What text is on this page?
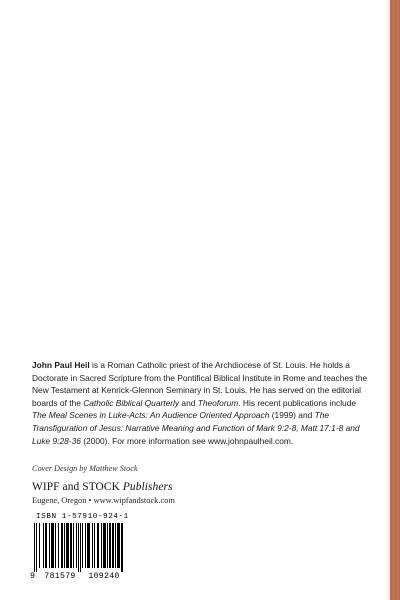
John Paul Heil is a Roman Catholic priest of the Archdiocese of St. Louis. He holds a Doctorate in Sacred Scripture from the Pontifical Biblical Institute in Rome and teaches the New Testament at Kenrick-Glennon Seminary in St. Louis. He has served on the editorial boards of the Catholic Biblical Quarterly and Theoforum. His recent publications include The Meal Scenes in Luke-Acts: An Audience Oriented Approach (1999) and The Transfiguration of Jesus: Narrative Meaning and Function of Mark 9:2-8, Matt 17:1-8 and Luke 9:28-36 (2000). For more information see www.johnpaulheil.com.

Cover Design by Matthew Stock
WIPF and STOCK Publishers
Eugene, Oregon • www.wipfandstock.com
ISBN 1-57910-924-1
9	781579	109240
